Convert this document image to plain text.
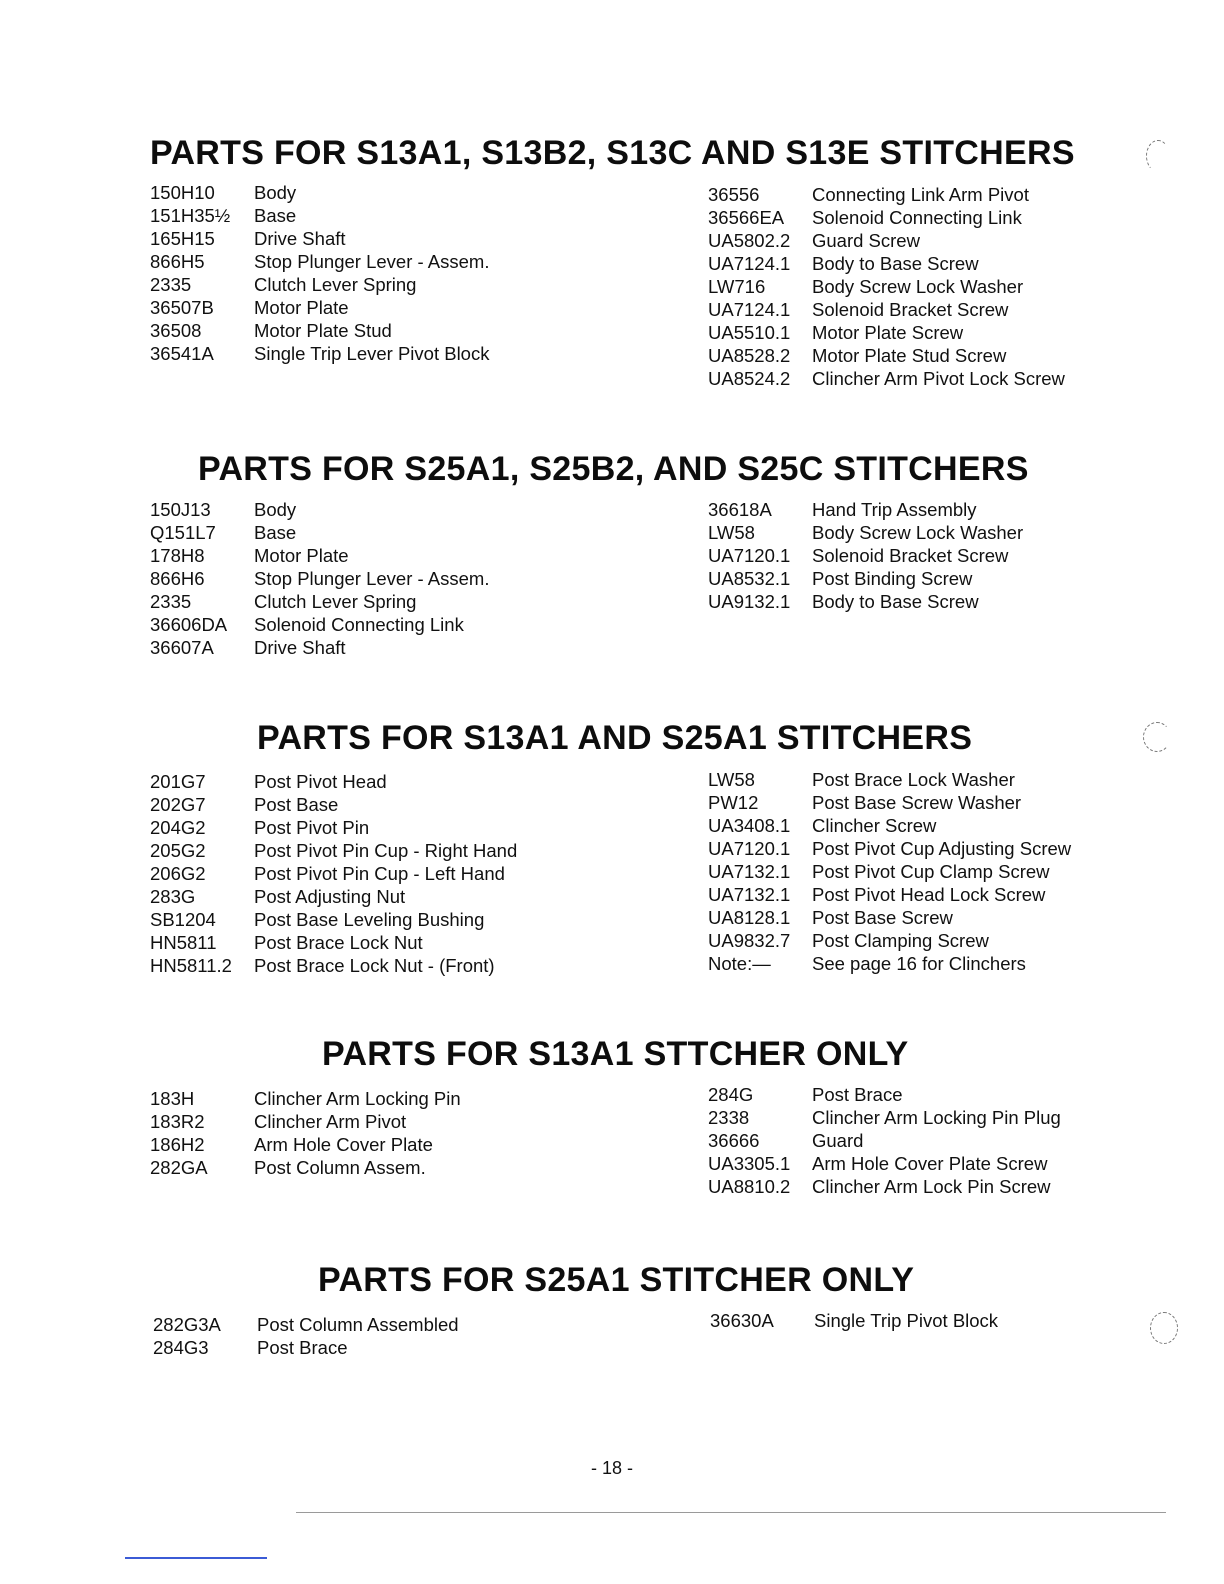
PARTS FOR S13A1, S13B2, S13C AND S13E STITCHERS
150H10	Body
151H35½	Base
165H15	Drive Shaft
866H5	Stop Plunger Lever - Assem.
2335	Clutch Lever Spring
36507B	Motor Plate
36508	Motor Plate Stud
36541A	Single Trip Lever Pivot Block
36556	Connecting Link Arm Pivot
36566EA	Solenoid Connecting Link
UA5802.2	Guard Screw
UA7124.1	Body to Base Screw
LW716	Body Screw Lock Washer
UA7124.1	Solenoid Bracket Screw
UA5510.1	Motor Plate Screw
UA8528.2	Motor Plate Stud Screw
UA8524.2	Clincher Arm Pivot Lock Screw
PARTS FOR S25A1, S25B2, AND S25C STITCHERS
150J13	Body
Q151L7	Base
178H8	Motor Plate
866H6	Stop Plunger Lever - Assem.
2335	Clutch Lever Spring
36606DA	Solenoid Connecting Link
36607A	Drive Shaft
36618A	Hand Trip Assembly
LW58	Body Screw Lock Washer
UA7120.1	Solenoid Bracket Screw
UA8532.1	Post Binding Screw
UA9132.1	Body to Base Screw
PARTS FOR S13A1 AND S25A1 STITCHERS
201G7	Post Pivot Head
202G7	Post Base
204G2	Post Pivot Pin
205G2	Post Pivot Pin Cup - Right Hand
206G2	Post Pivot Pin Cup - Left Hand
283G	Post Adjusting Nut
SB1204	Post Base Leveling Bushing
HN5811	Post Brace Lock Nut
HN5811.2	Post Brace Lock Nut - (Front)
LW58	Post Brace Lock Washer
PW12	Post Base Screw Washer
UA3408.1	Clincher Screw
UA7120.1	Post Pivot Cup Adjusting Screw
UA7132.1	Post Pivot Cup Clamp Screw
UA7132.1	Post Pivot Head Lock Screw
UA8128.1	Post Base Screw
UA9832.7	Post Clamping Screw
Note:—	See page 16 for Clinchers
PARTS FOR S13A1 STTCHER ONLY
183H	Clincher Arm Locking Pin
183R2	Clincher Arm Pivot
186H2	Arm Hole Cover Plate
282GA	Post Column Assem.
284G	Post Brace
2338	Clincher Arm Locking Pin Plug
36666	Guard
UA3305.1	Arm Hole Cover Plate Screw
UA8810.2	Clincher Arm Lock Pin Screw
PARTS FOR S25A1 STITCHER ONLY
282G3A	Post Column Assembled
284G3	Post Brace
36630A	Single Trip Pivot Block

- 18 -
